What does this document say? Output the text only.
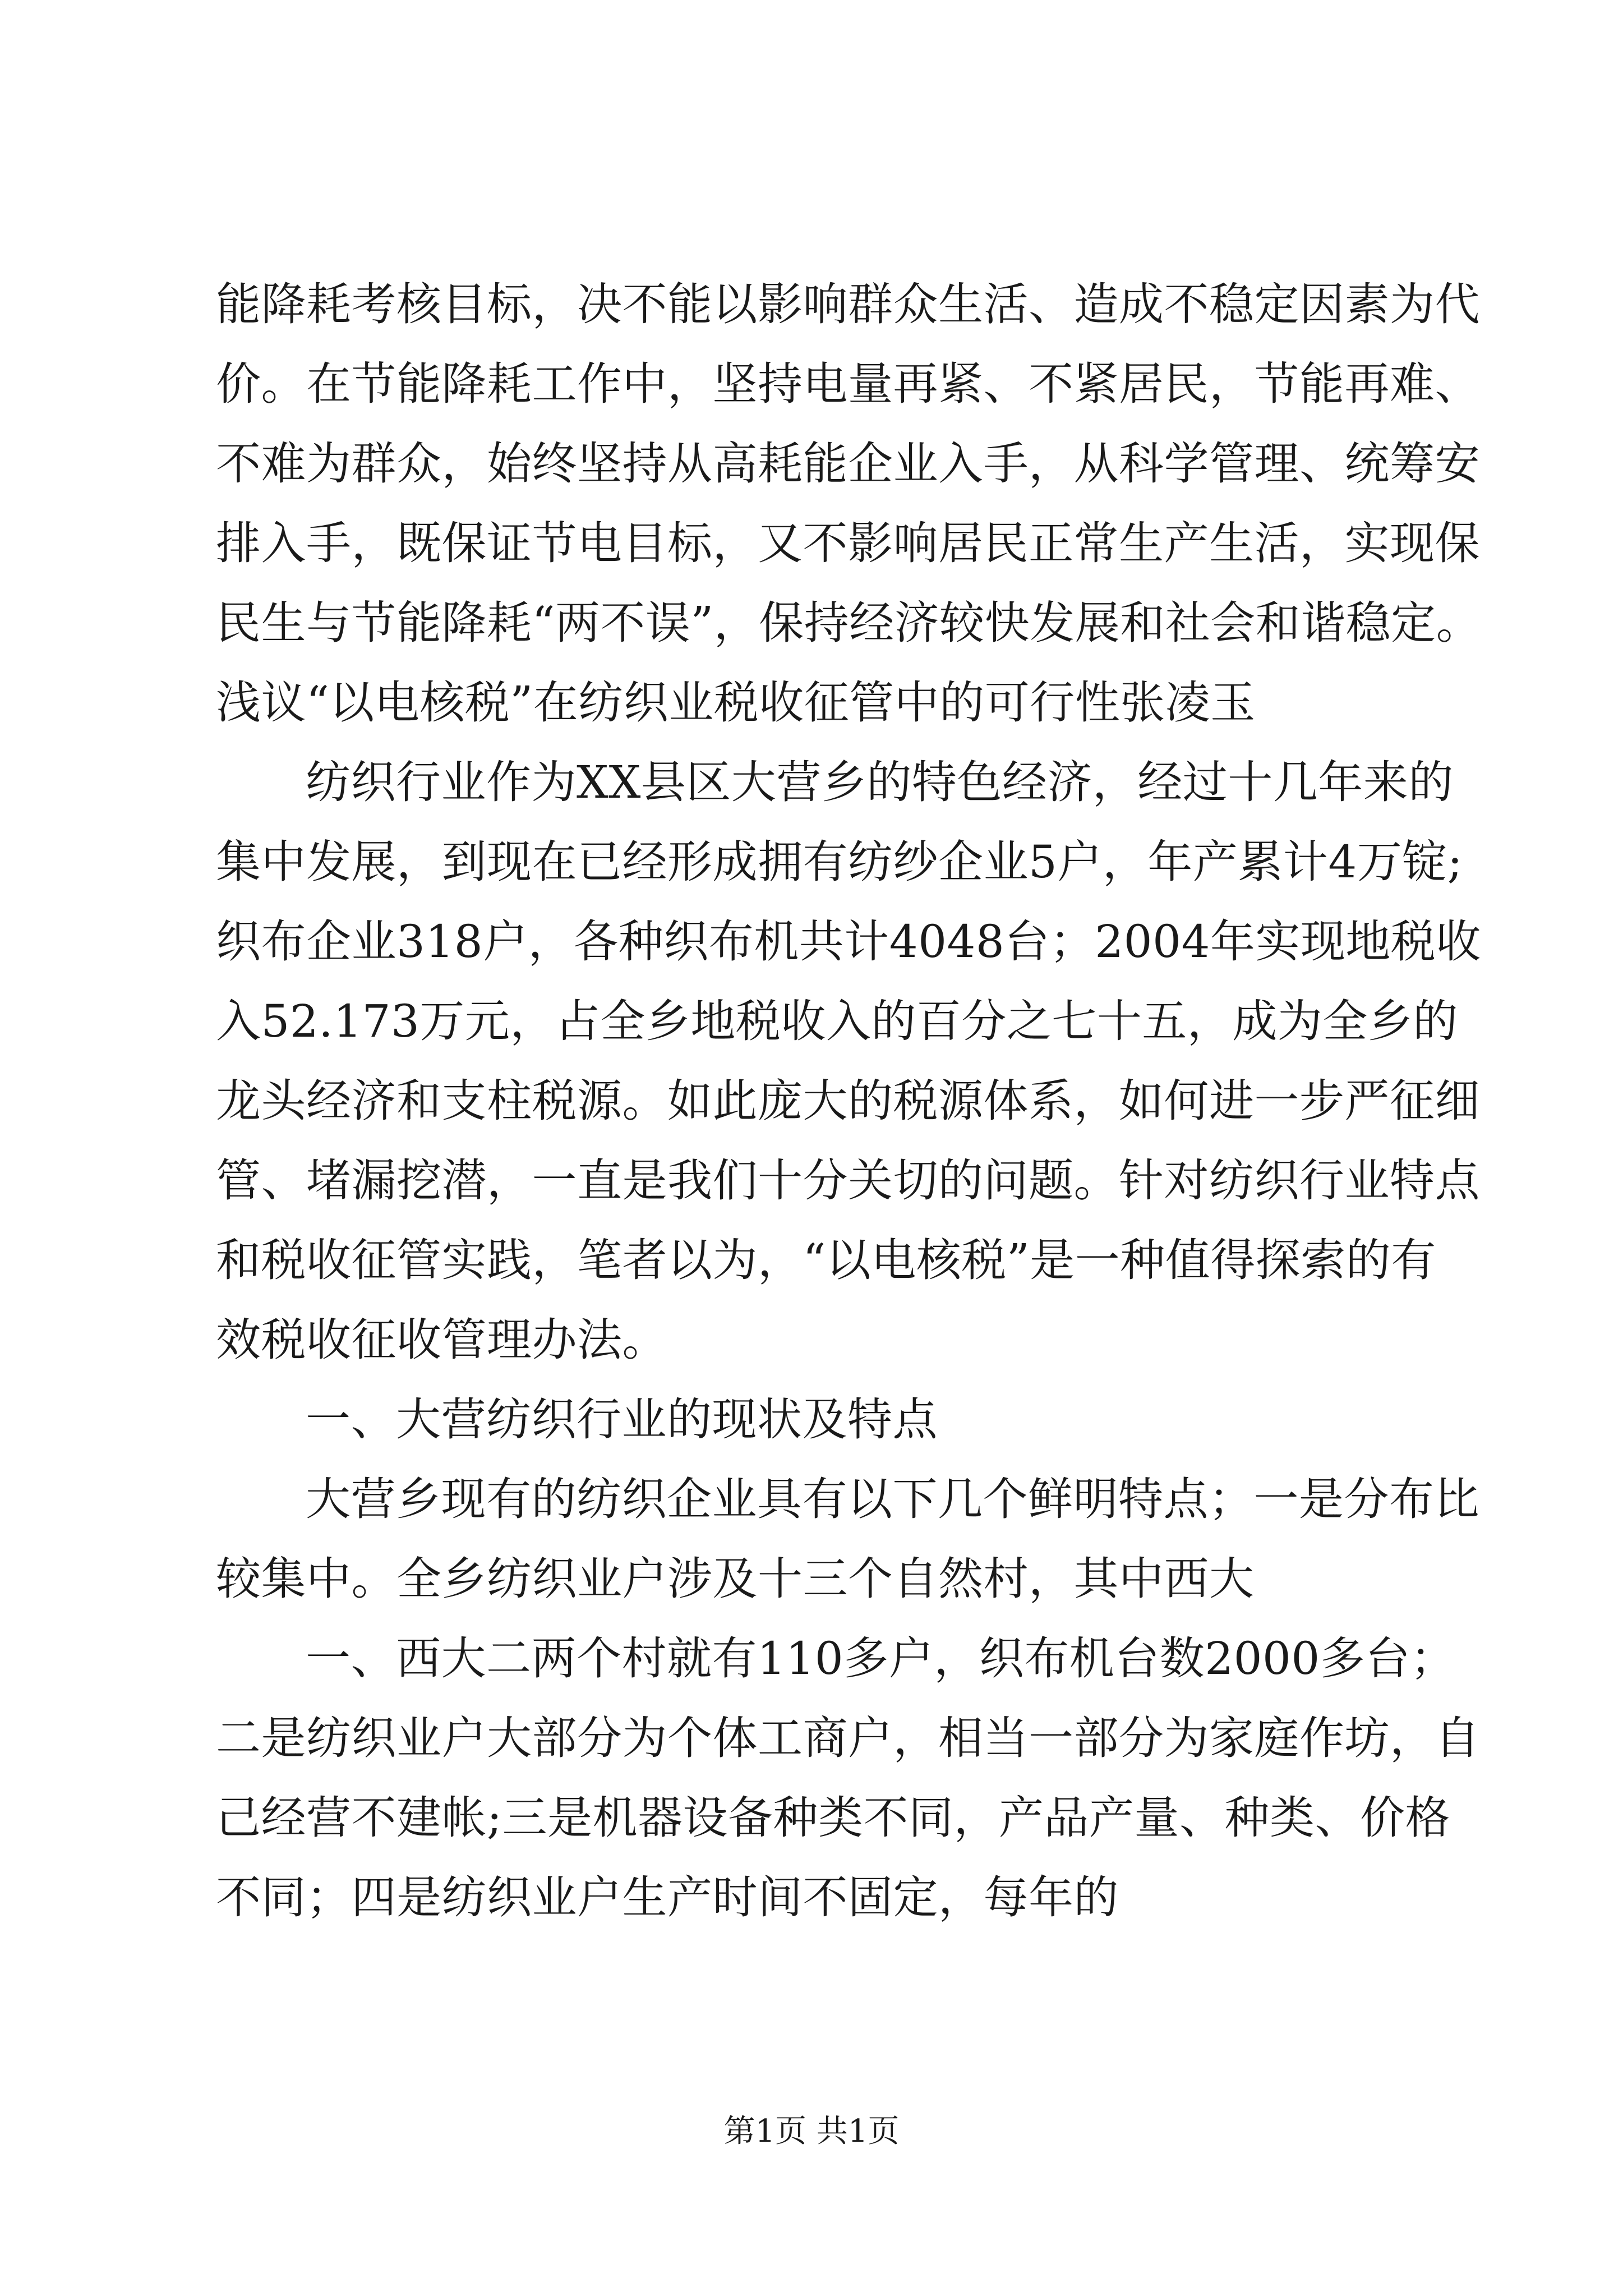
能降耗考核目标，决不能以影响群众生活、造成不稳定因素为代
价。在节能降耗工作中，坚持电量再紧、不紧居民，节能再难、
不难为群众，始终坚持从高耗能企业入手，从科学管理、统筹安
排入手，既保证节电目标，又不影响居民正常生产生活，实现保
民生与节能降耗“两不误”，保持经济较快发展和社会和谐稳定。
浅议“以电核税”在纺织业税收征管中的可行性张凌玉
纺织行业作为XX县区大营乡的特色经济，经过十几年来的
集中发展，到现在已经形成拥有纺纱企业5户，年产累计4万锭;
织布企业318户，各种织布机共计4048台；2004年实现地税收
入52.173万元，占全乡地税收入的百分之七十五，成为全乡的
龙头经济和支柱税源。如此庞大的税源体系，如何进一步严征细
管、堵漏挖潜，一直是我们十分关切的问题。针对纺织行业特点
和税收征管实践，笔者以为，“以电核税”是一种值得探索的有
效税收征收管理办法。
一、大营纺织行业的现状及特点
大营乡现有的纺织企业具有以下几个鲜明特点；一是分布比
较集中。全乡纺织业户涉及十三个自然村，其中西大
一、西大二两个村就有110多户，织布机台数2000多台；
二是纺织业户大部分为个体工商户，相当一部分为家庭作坊，自
己经营不建帐;三是机器设备种类不同，产品产量、种类、价格
不同；四是纺织业户生产时间不固定，每年的
第1页 共1页
